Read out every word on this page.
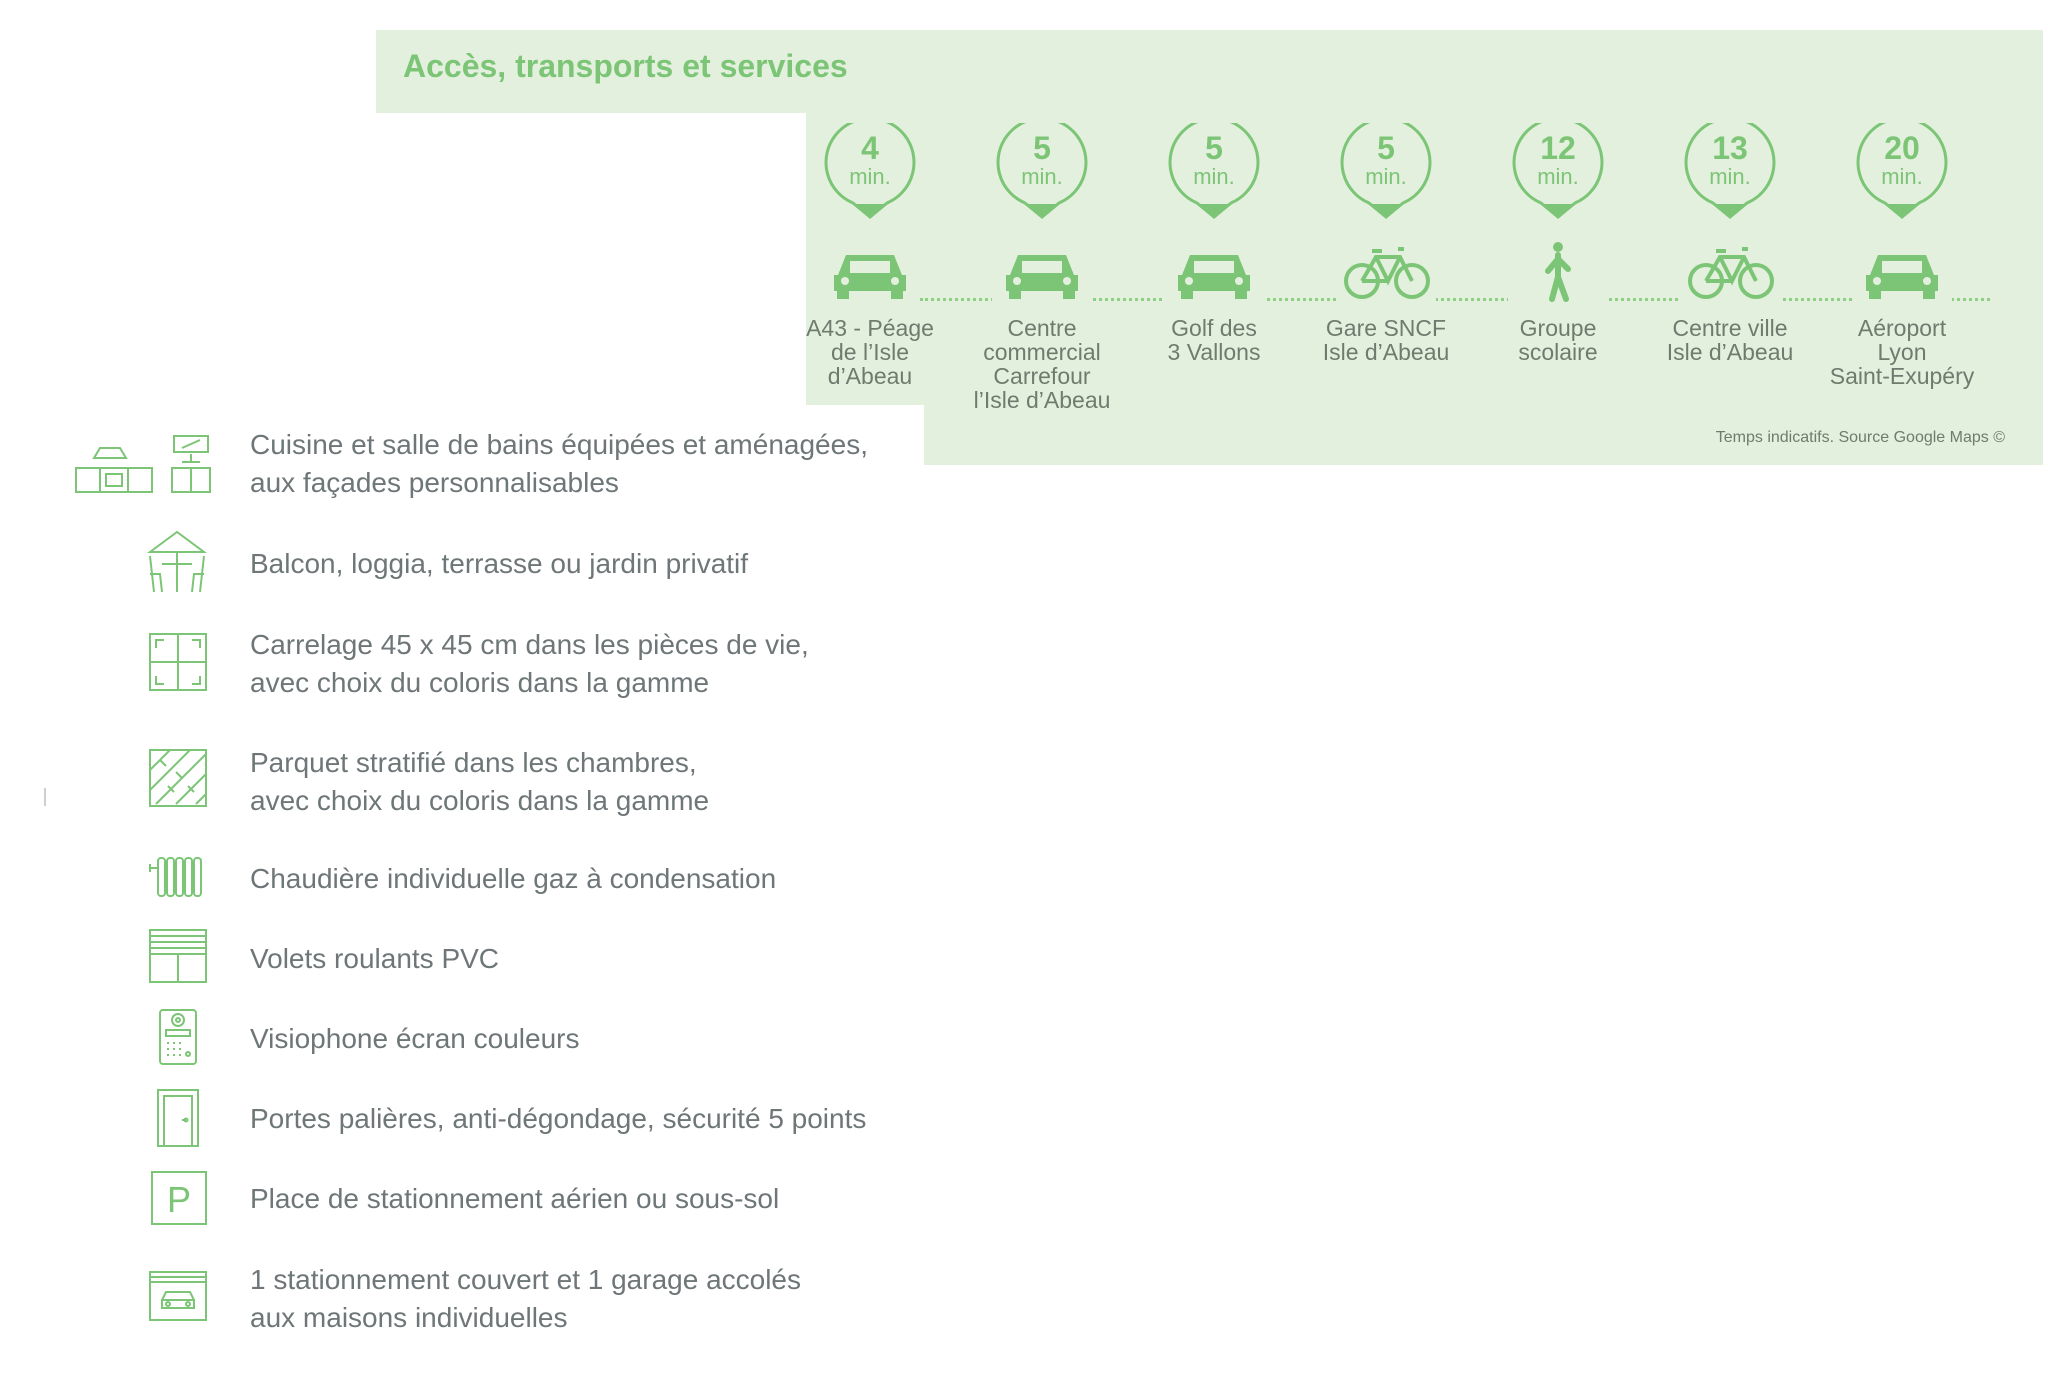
Accès, transports et services
4
min.
A43 - Péage
de l’Isle
d’Abeau
5
min.
Centre
commercial
Carrefour
l’Isle d’Abeau
5
min.
Golf des
3 Vallons
5
min.
Gare SNCF
Isle d’Abeau
12
min.
Groupe
scolaire
13
min.
Centre ville
Isle d’Abeau
20
min.
Aéroport
Lyon
Saint-Exupéry
Temps indicatifs. Source Google Maps ©
Cuisine et salle de bains équipées et aménagées,
aux façades personnalisables
Balcon, loggia, terrasse ou jardin privatif
Carrelage 45 x 45 cm dans les pièces de vie,
avec choix du coloris dans la gamme
Parquet stratifié dans les chambres,
avec choix du coloris dans la gamme
Chaudière individuelle gaz à condensation
Volets roulants PVC
Visiophone écran couleurs
Portes palières, anti-dégondage, sécurité 5 points
P Place de stationnement aérien ou sous-sol
1 stationnement couvert et 1 garage accolés
aux maisons individuelles
